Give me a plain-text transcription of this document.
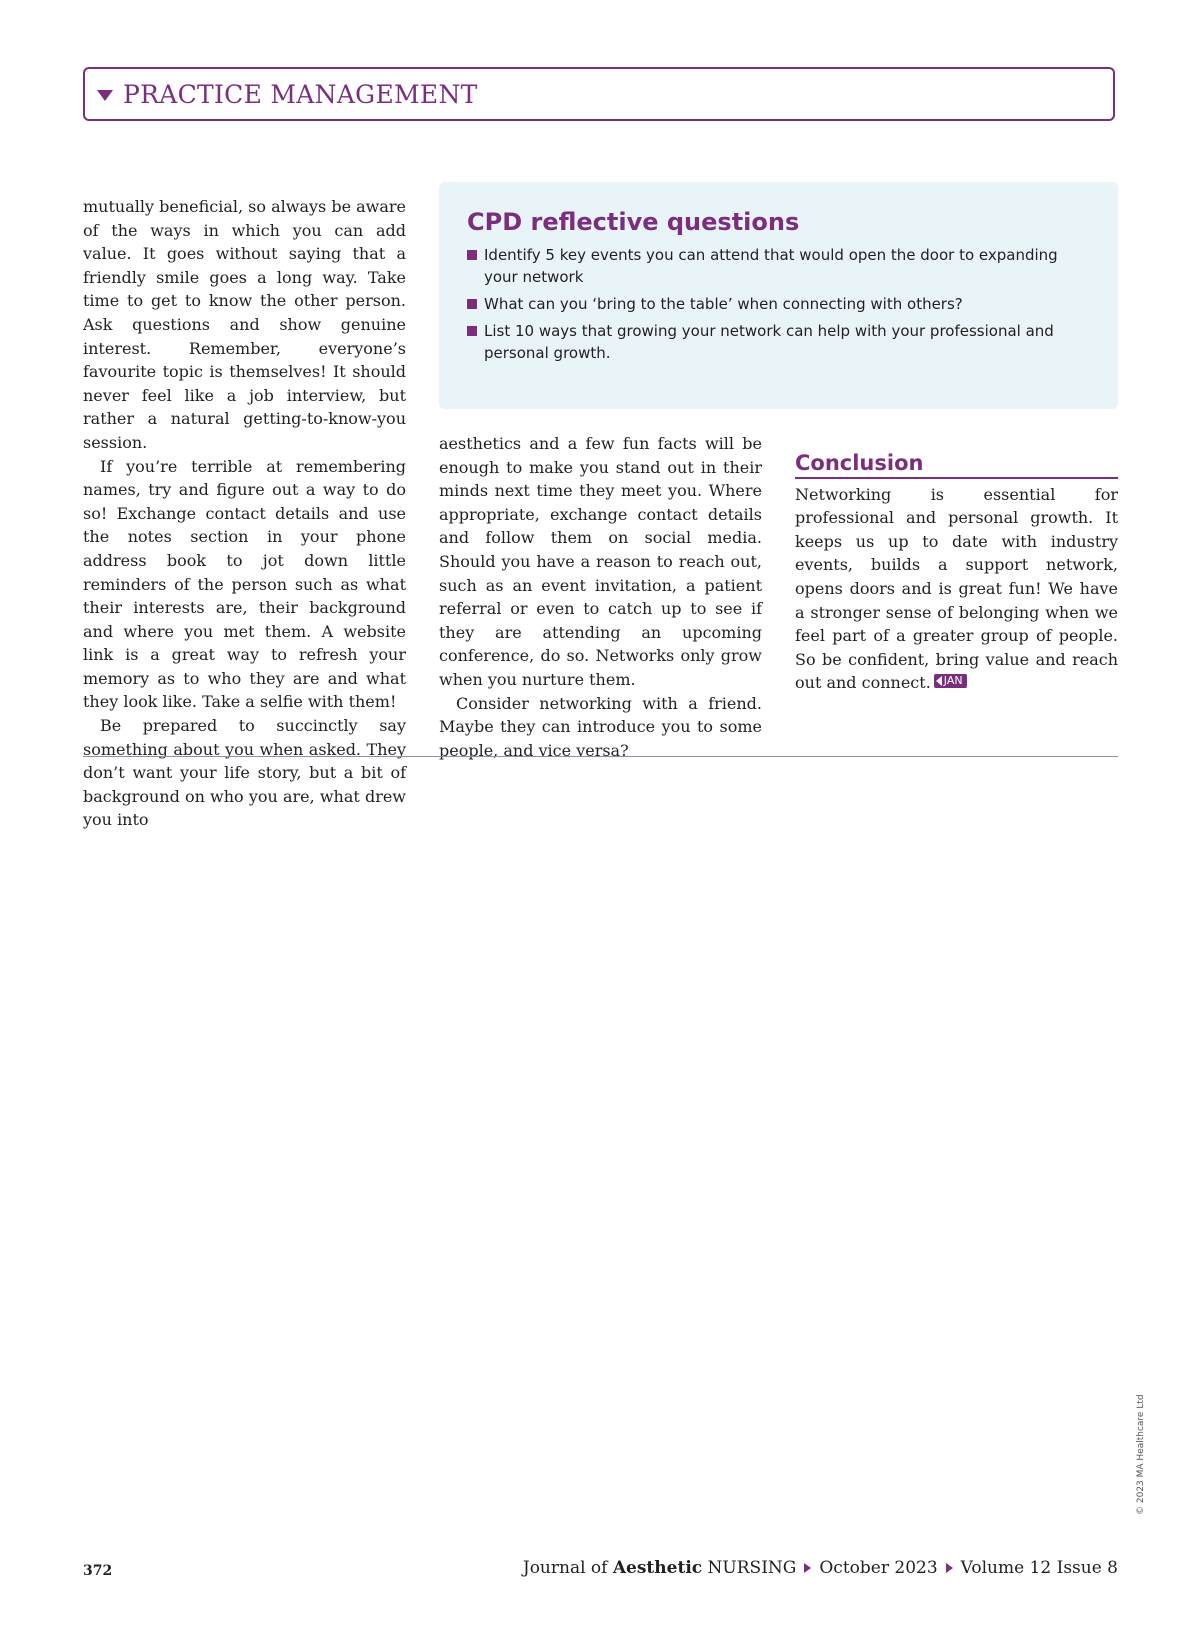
PRACTICE MANAGEMENT

mutually beneficial, so always be aware of the ways in which you can add value. It goes without saying that a friendly smile goes a long way. Take time to get to know the other person. Ask questions and show genuine interest. Remember, everyone’s favourite topic is themselves! It should never feel like a job interview, but rather a natural getting-to-know-you session.

If you’re terrible at remembering names, try and figure out a way to do so! Exchange contact details and use the notes section in your phone address book to jot down little reminders of the person such as what their interests are, their background and where you met them. A website link is a great way to refresh your memory as to who they are and what they look like. Take a selfie with them!

Be prepared to succinctly say something about you when asked. They don’t want your life story, but a bit of background on who you are, what drew you into

CPD reflective questions
Identify 5 key events you can attend that would open the door to expanding your network
What can you ‘bring to the table’ when connecting with others?
List 10 ways that growing your network can help with your professional and personal growth.

aesthetics and a few fun facts will be enough to make you stand out in their minds next time they meet you. Where appropriate, exchange contact details and follow them on social media. Should you have a reason to reach out, such as an event invitation, a patient referral or even to catch up to see if they are attending an upcoming conference, do so. Networks only grow when you nurture them.

Consider networking with a friend. Maybe they can introduce you to some people, and vice versa?

Conclusion

Networking is essential for professional and personal growth. It keeps us up to date with industry events, builds a support network, opens doors and is great fun! We have a stronger sense of belonging when we feel part of a greater group of people. So be confident, bring value and reach out and connect. JAN

© 2023 MA Healthcare Ltd
372	Journal of
Aesthetic
NURSING October 2023 Volume 12 Issue 8
